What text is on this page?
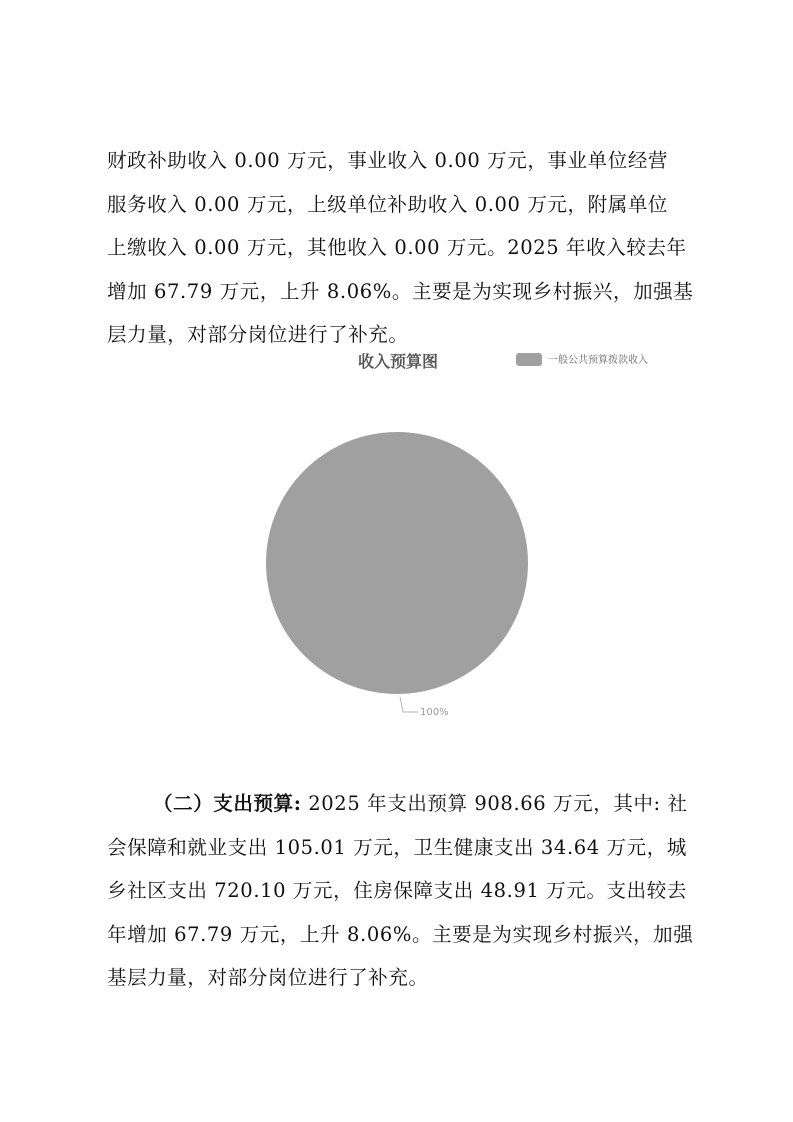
财政补助收入 0.00 万元，事业收入 0.00 万元，事业单位经营
服务收入 0.00 万元，上级单位补助收入 0.00 万元，附属单位
上缴收入 0.00 万元，其他收入 0.00 万元。2025 年收入较去年
增加 67.79 万元，上升 8.06%。主要是为实现乡村振兴，加强基
层力量，对部分岗位进行了补充。
收入预算图	一般公共预算拨款收入
100%
（二）支出预算: 2025 年支出预算 908.66 万元，其中: 社
会保障和就业支出 105.01 万元，卫生健康支出 34.64 万元，城
乡社区支出 720.10 万元，住房保障支出 48.91 万元。支出较去
年增加 67.79 万元，上升 8.06%。主要是为实现乡村振兴，加强
基层力量，对部分岗位进行了补充。
